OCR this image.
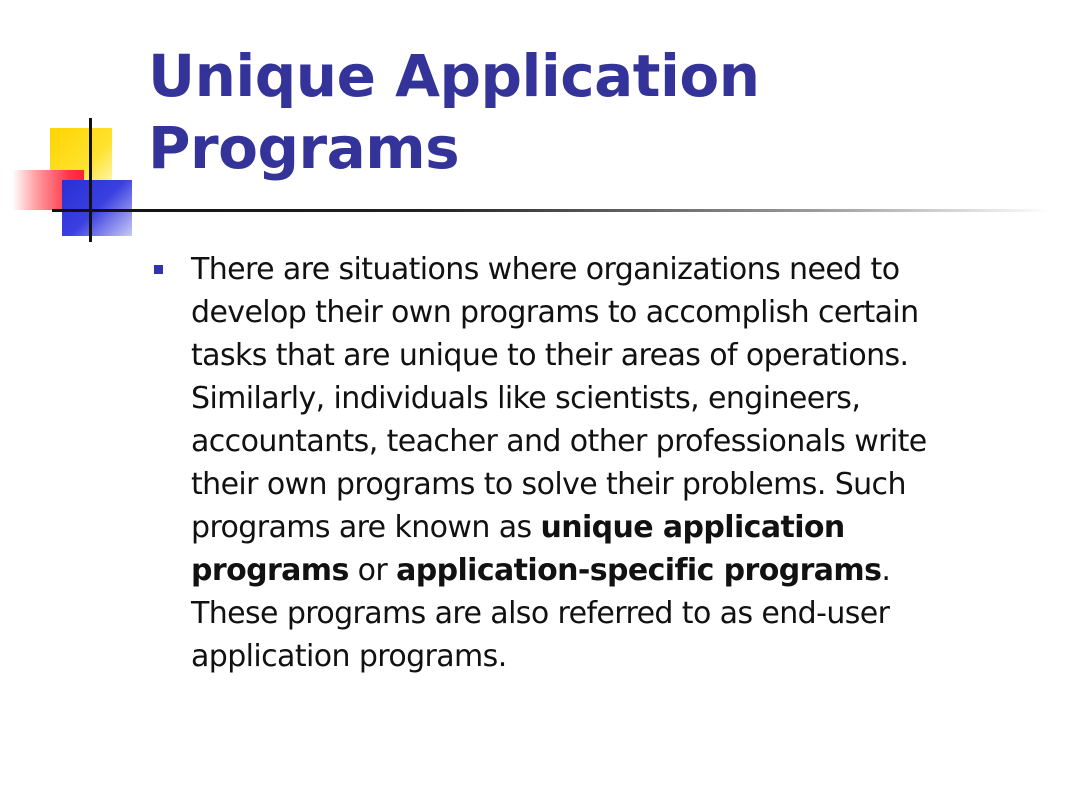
Unique Application
Programs

There are situations where organizations need to
develop their own programs to accomplish certain
tasks that are unique to their areas of operations.
Similarly, individuals like scientists, engineers,
accountants, teacher and other professionals write
their own programs to solve their problems. Such
programs are known as unique application
programs or application-specific programs.
These programs are also referred to as end-user
application programs.
